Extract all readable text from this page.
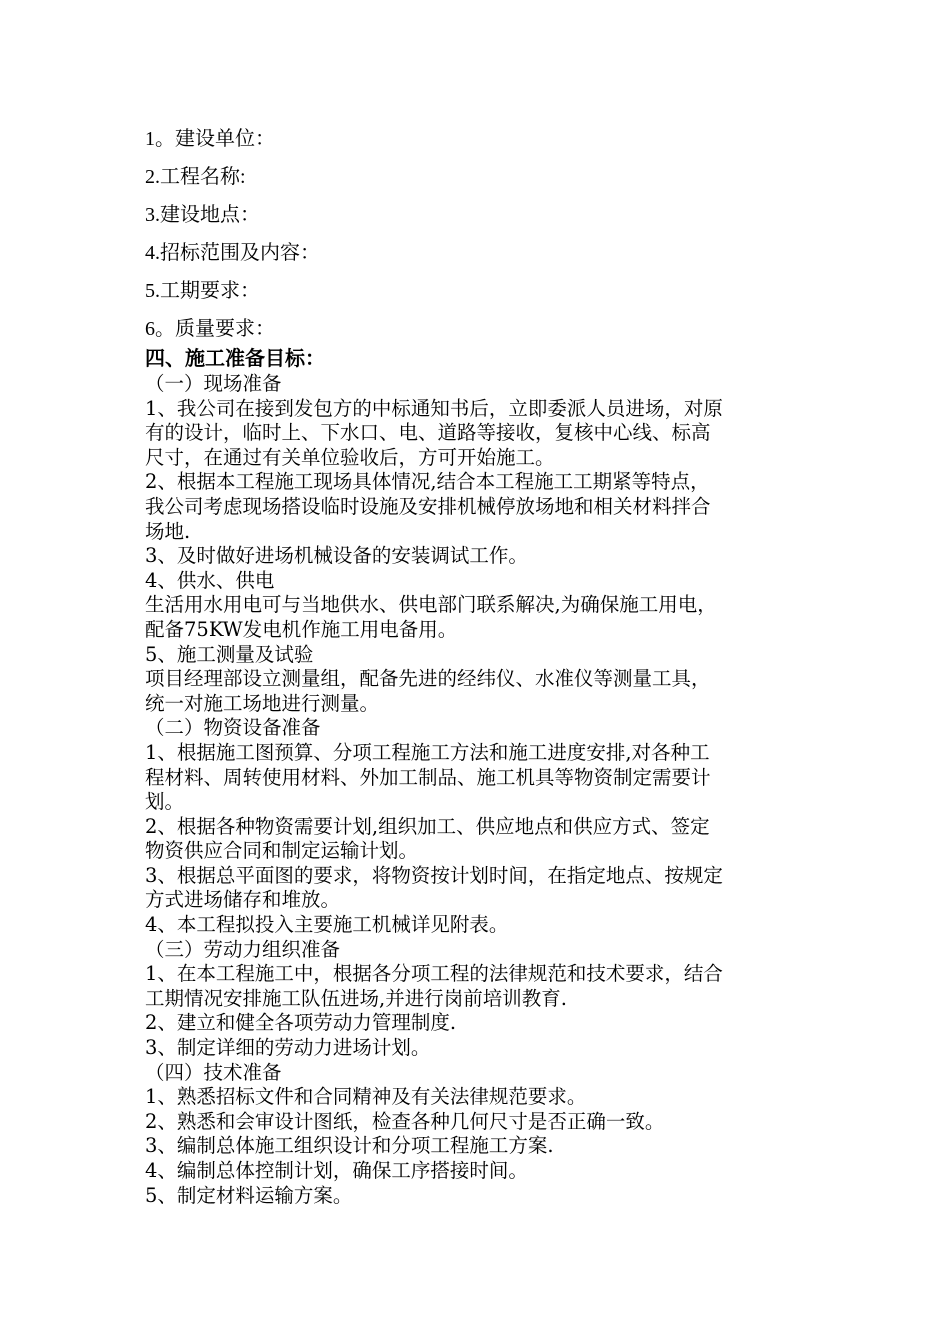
1。建设单位：
2.工程名称:
3.建设地点：
4.招标范围及内容：
5.工期要求：
6。质量要求：
四、施工准备目标：
（一）现场准备
1、我公司在接到发包方的中标通知书后，立即委派人员进场，对原
有的设计，临时上、下水口、电、道路等接收，复核中心线、标高
尺寸，在通过有关单位验收后，方可开始施工。
2、根据本工程施工现场具体情况,结合本工程施工工期紧等特点，
我公司考虑现场搭设临时设施及安排机械停放场地和相关材料拌合
场地.
3、及时做好进场机械设备的安装调试工作。
4、供水、供电
生活用水用电可与当地供水、供电部门联系解决,为确保施工用电，
配备75KW发电机作施工用电备用。
5、施工测量及试验
项目经理部设立测量组，配备先进的经纬仪、水准仪等测量工具，
统一对施工场地进行测量。
（二）物资设备准备
1、根据施工图预算、分项工程施工方法和施工进度安排,对各种工
程材料、周转使用材料、外加工制品、施工机具等物资制定需要计
划。
2、根据各种物资需要计划,组织加工、供应地点和供应方式、签定
物资供应合同和制定运输计划。
3、根据总平面图的要求，将物资按计划时间，在指定地点、按规定
方式进场储存和堆放。
4、本工程拟投入主要施工机械详见附表。
（三）劳动力组织准备
1、在本工程施工中，根据各分项工程的法律规范和技术要求，结合
工期情况安排施工队伍进场,并进行岗前培训教育.
2、建立和健全各项劳动力管理制度.
3、制定详细的劳动力进场计划。
（四）技术准备
1、熟悉招标文件和合同精神及有关法律规范要求。
2、熟悉和会审设计图纸，检查各种几何尺寸是否正确一致。
3、编制总体施工组织设计和分项工程施工方案.
4、编制总体控制计划，确保工序搭接时间。
5、制定材料运输方案。
